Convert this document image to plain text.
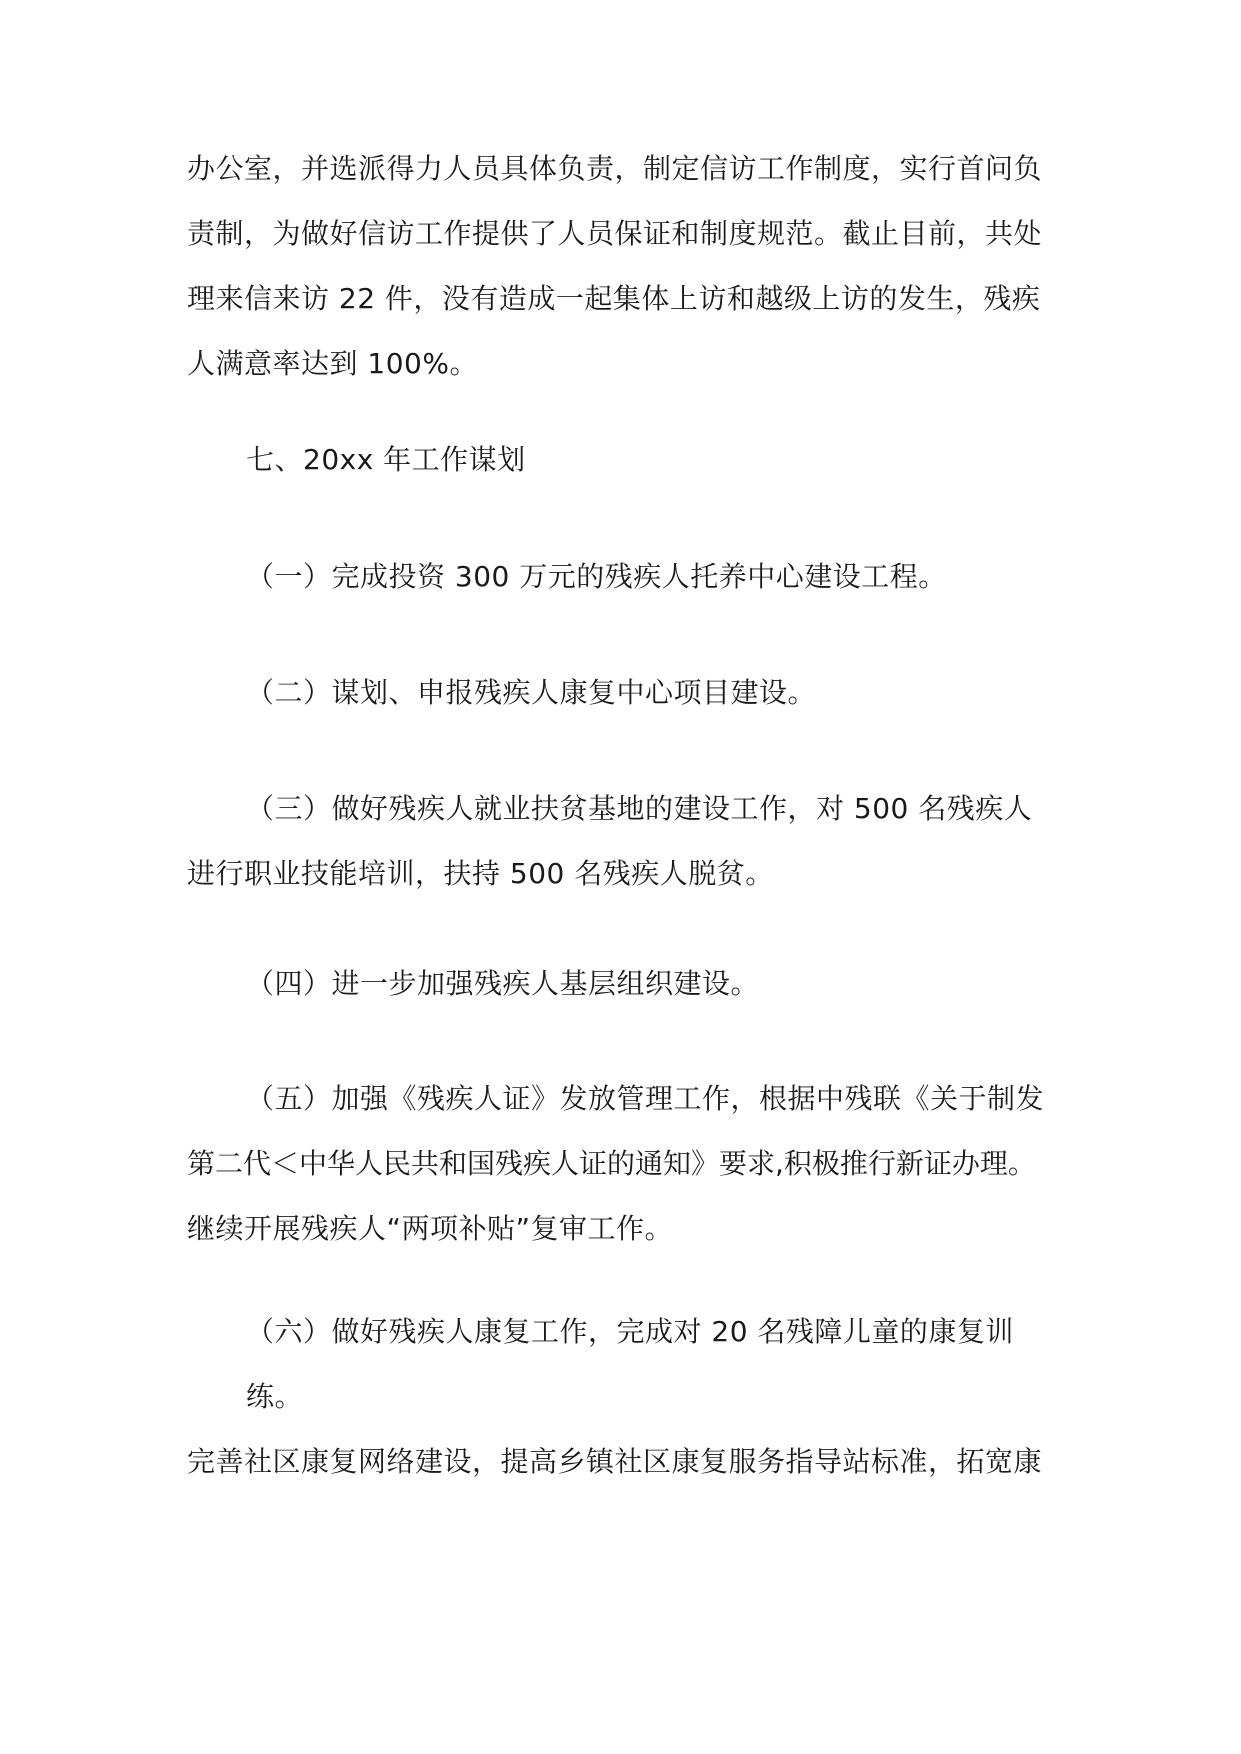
办公室，并选派得力人员具体负责，制定信访工作制度，实行首问负
责制，为做好信访工作提供了人员保证和制度规范。截止目前，共处
理来信来访 22 件，没有造成一起集体上访和越级上访的发生，残疾
人满意率达到 100%。

七、20xx 年工作谋划

（一）完成投资 300 万元的残疾人托养中心建设工程。

（二）谋划、申报残疾人康复中心项目建设。

（三）做好残疾人就业扶贫基地的建设工作，对 500 名残疾人
进行职业技能培训，扶持 500 名残疾人脱贫。

（四）进一步加强残疾人基层组织建设。

（五）加强《残疾人证》发放管理工作，根据中残联《关于制发
第二代＜中华人民共和国残疾人证的通知》要求,积极推行新证办理。
继续开展残疾人“两项补贴”复审工作。

（六）做好残疾人康复工作，完成对 20 名残障儿童的康复训练。
完善社区康复网络建设，提高乡镇社区康复服务指导站标准，拓宽康
